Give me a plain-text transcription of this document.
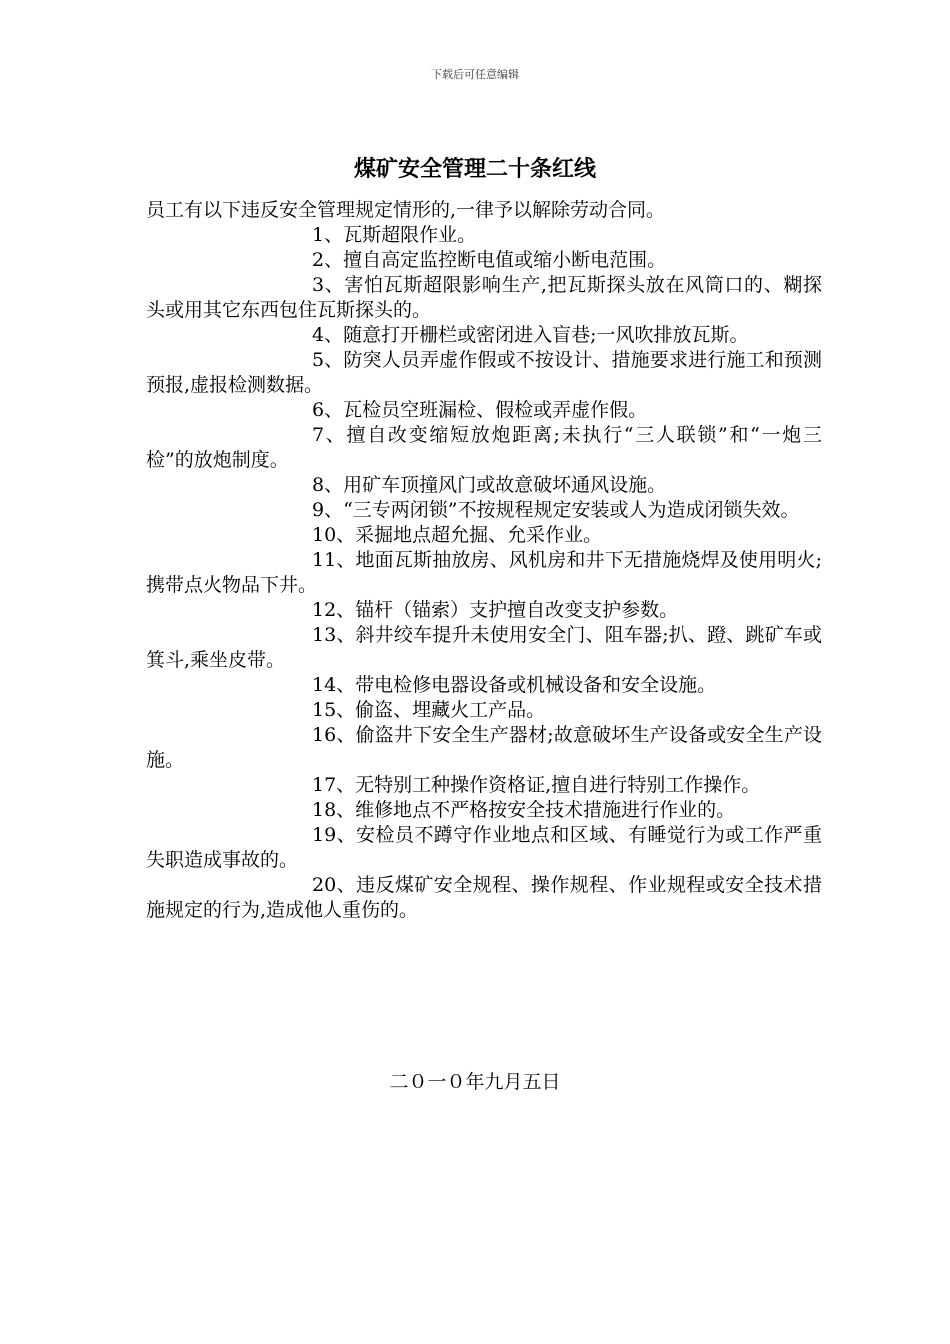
下载后可任意编辑
煤矿安全管理二十条红线

员工有以下违反安全管理规定情形的,一律予以解除劳动合同。

1、瓦斯超限作业。

2、擅自高定监控断电值或缩小断电范围。

3、害怕瓦斯超限影响生产,把瓦斯探头放在风筒口的、糊探头或用其它东西包住瓦斯探头的。

4、随意打开栅栏或密闭进入盲巷;一风吹排放瓦斯。

5、防突人员弄虚作假或不按设计、措施要求进行施工和预测预报,虚报检测数据。

6、瓦检员空班漏检、假检或弄虚作假。

7、擅自改变缩短放炮距离;未执行“三人联锁”和“一炮三检”的放炮制度。

8、用矿车顶撞风门或故意破坏通风设施。

9、“三专两闭锁”不按规程规定安装或人为造成闭锁失效。

10、采掘地点超允掘、允采作业。

11、地面瓦斯抽放房、风机房和井下无措施烧焊及使用明火;携带点火物品下井。

12、锚杆（锚索）支护擅自改变支护参数。

13、斜井绞车提升未使用安全门、阻车器;扒、蹬、跳矿车或箕斗,乘坐皮带。

14、带电检修电器设备或机械设备和安全设施。

15、偷盗、埋藏火工产品。

16、偷盗井下安全生产器材;故意破坏生产设备或安全生产设施。

17、无特别工种操作资格证,擅自进行特别工作操作。

18、维修地点不严格按安全技术措施进行作业的。

19、安检员不蹲守作业地点和区域、有睡觉行为或工作严重失职造成事故的。

20、违反煤矿安全规程、操作规程、作业规程或安全技术措施规定的行为,造成他人重伤的。

二０一０年九月五日
